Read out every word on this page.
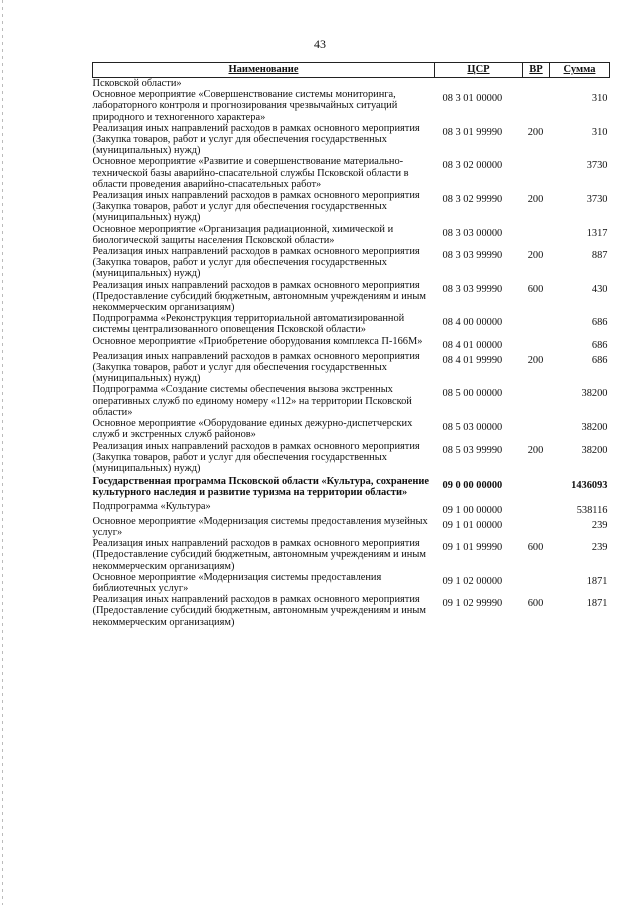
43
Наименование	ЦСР	ВР	Сумма
Псковской области»			
Основное мероприятие «Совершенствование системы мониторинга, лабораторного контроля и прогнозирования чрезвычайных ситуаций природного и техногенного характера»	08 3 01 00000		310
Реализация иных направлений расходов в рамках основного мероприятия (Закупка товаров, работ и услуг для обеспечения государственных (муниципальных) нужд)	08 3 01 99990	200	310
Основное мероприятие «Развитие и совершенствование материально-технической базы аварийно-спасательной службы Псковской области в области проведения аварийно-спасательных работ»	08 3 02 00000		3730
Реализация иных направлений расходов в рамках основного мероприятия (Закупка товаров, работ и услуг для обеспечения государственных (муниципальных) нужд)	08 3 02 99990	200	3730
Основное мероприятие «Организация радиационной, химической и биологической защиты населения Псковской области»	08 3 03 00000		1317
Реализация иных направлений расходов в рамках основного мероприятия (Закупка товаров, работ и услуг для обеспечения государственных (муниципальных) нужд)	08 3 03 99990	200	887
Реализация иных направлений расходов в рамках основного мероприятия (Предоставление субсидий бюджетным, автономным учреждениям и иным некоммерческим организациям)	08 3 03 99990	600	430
Подпрограмма «Реконструкция территориальной автоматизированной системы централизованного оповещения Псковской области»	08 4 00 00000		686
Основное мероприятие «Приобретение оборудования комплекса П-166М»	08 4 01 00000		686
Реализация иных направлений расходов в рамках основного мероприятия (Закупка товаров, работ и услуг для обеспечения государственных (муниципальных) нужд)	08 4 01 99990	200	686
Подпрограмма «Создание системы обеспечения вызова экстренных оперативных служб по единому номеру «112» на территории Псковской области»	08 5 00 00000		38200
Основное мероприятие «Оборудование единых дежурно-диспетчерских служб и экстренных служб районов»	08 5 03 00000		38200
Реализация иных направлений расходов в рамках основного мероприятия (Закупка товаров, работ и услуг для обеспечения государственных (муниципальных) нужд)	08 5 03 99990	200	38200
Государственная программа Псковской области «Культура, сохранение культурного наследия и развитие туризма на территории области»	09 0 00 00000		1436093
Подпрограмма «Культура»	09 1 00 00000		538116
Основное мероприятие «Модернизация системы предоставления музейных услуг»	09 1 01 00000		239
Реализация иных направлений расходов в рамках основного мероприятия (Предоставление субсидий бюджетным, автономным учреждениям и иным некоммерческим организациям)	09 1 01 99990	600	239
Основное мероприятие «Модернизация системы предоставления библиотечных услуг»	09 1 02 00000		1871
Реализация иных направлений расходов в рамках основного мероприятия (Предоставление субсидий бюджетным, автономным учреждениям и иным некоммерческим организациям)	09 1 02 99990	600	1871
